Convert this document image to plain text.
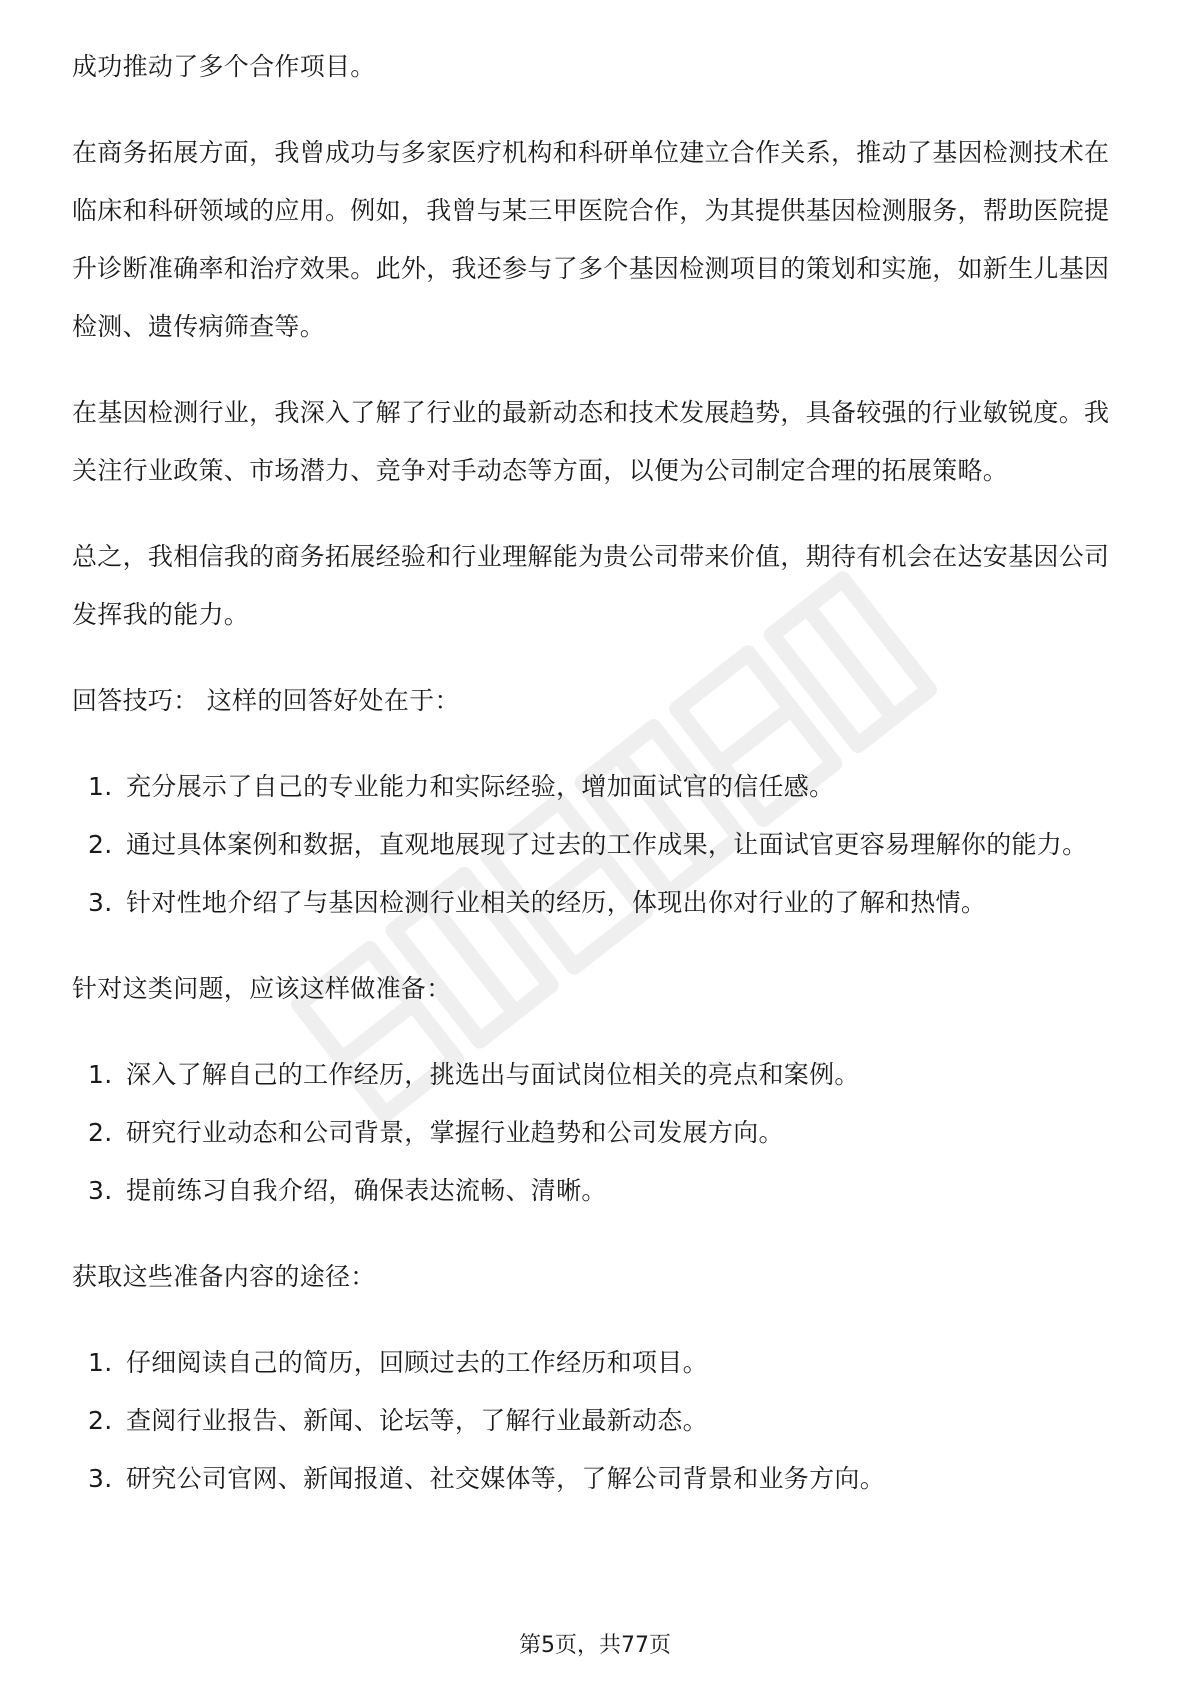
成功推动了多个合作项目。

在商务拓展方面，我曾成功与多家医疗机构和科研单位建立合作关系，推动了基因检测技术在临床和科研领域的应用。例如，我曾与某三甲医院合作，为其提供基因检测服务，帮助医院提升诊断准确率和治疗效果。此外，我还参与了多个基因检测项目的策划和实施，如新生儿基因检测、遗传病筛查等。

在基因检测行业，我深入了解了行业的最新动态和技术发展趋势，具备较强的行业敏锐度。我关注行业政策、市场潜力、竞争对手动态等方面，以便为公司制定合理的拓展策略。

总之，我相信我的商务拓展经验和行业理解能为贵公司带来价值，期待有机会在达安基因公司发挥我的能力。

回答技巧： 这样的回答好处在于：

1. 充分展示了自己的专业能力和实际经验，增加面试官的信任感。
2. 通过具体案例和数据，直观地展现了过去的工作成果，让面试官更容易理解你的能力。
3. 针对性地介绍了与基因检测行业相关的经历，体现出你对行业的了解和热情。

针对这类问题，应该这样做准备：

1. 深入了解自己的工作经历，挑选出与面试岗位相关的亮点和案例。
2. 研究行业动态和公司背景，掌握行业趋势和公司发展方向。
3. 提前练习自我介绍，确保表达流畅、清晰。

获取这些准备内容的途径：

1. 仔细阅读自己的简历，回顾过去的工作经历和项目。
2. 查阅行业报告、新闻、论坛等，了解行业最新动态。
3. 研究公司官网、新闻报道、社交媒体等，了解公司背景和业务方向。
第5页，共77页
